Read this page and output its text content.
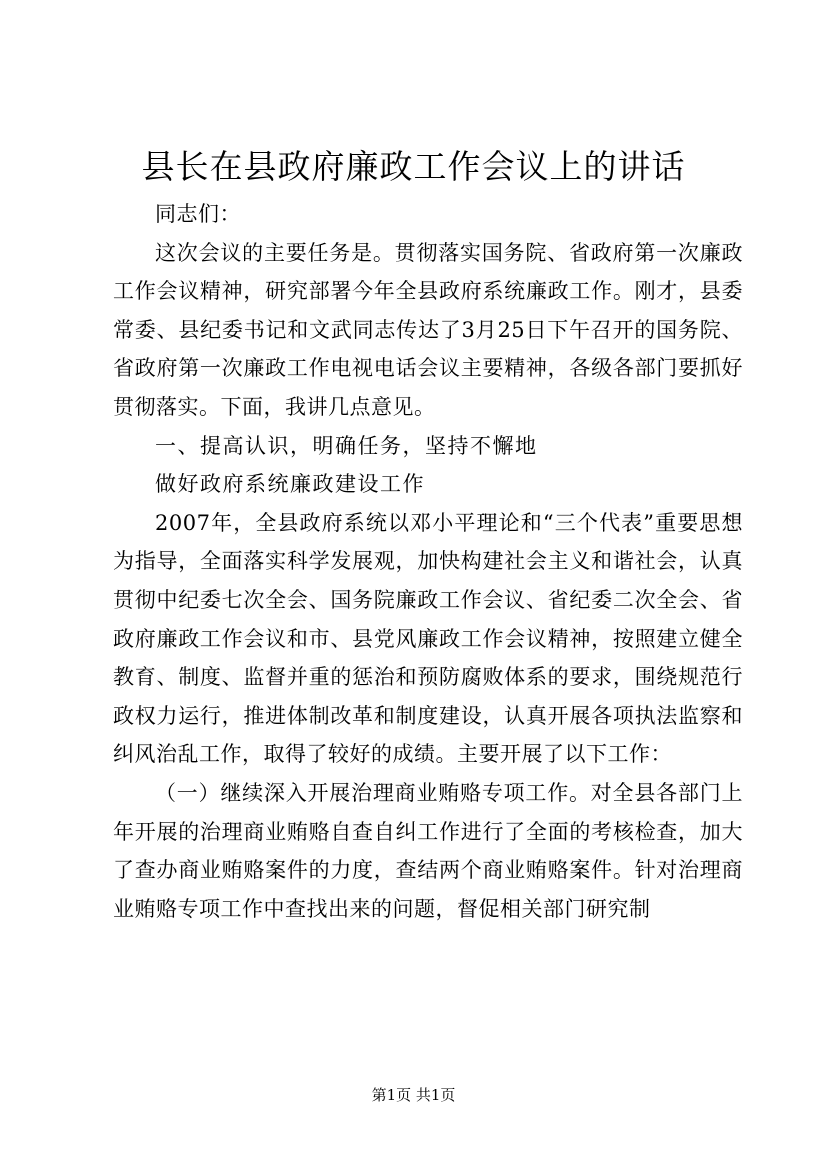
县长在县政府廉政工作会议上的讲话

同志们：

这次会议的主要任务是。贯彻落实国务院、省政府第一次廉政工作会议精神，研究部署今年全县政府系统廉政工作。刚才，县委常委、县纪委书记和文武同志传达了3月25日下午召开的国务院、省政府第一次廉政工作电视电话会议主要精神，各级各部门要抓好贯彻落实。下面，我讲几点意见。

一、提高认识，明确任务，坚持不懈地

做好政府系统廉政建设工作

2007年，全县政府系统以邓小平理论和“三个代表”重要思想为指导，全面落实科学发展观，加快构建社会主义和谐社会，认真贯彻中纪委七次全会、国务院廉政工作会议、省纪委二次全会、省政府廉政工作会议和市、县党风廉政工作会议精神，按照建立健全教育、制度、监督并重的惩治和预防腐败体系的要求，围绕规范行政权力运行，推进体制改革和制度建设，认真开展各项执法监察和纠风治乱工作，取得了较好的成绩。主要开展了以下工作：

（一）继续深入开展治理商业贿赂专项工作。对全县各部门上年开展的治理商业贿赂自查自纠工作进行了全面的考核检查，加大了查办商业贿赂案件的力度，查结两个商业贿赂案件。针对治理商业贿赂专项工作中查找出来的问题，督促相关部门研究制

第1页 共1页
